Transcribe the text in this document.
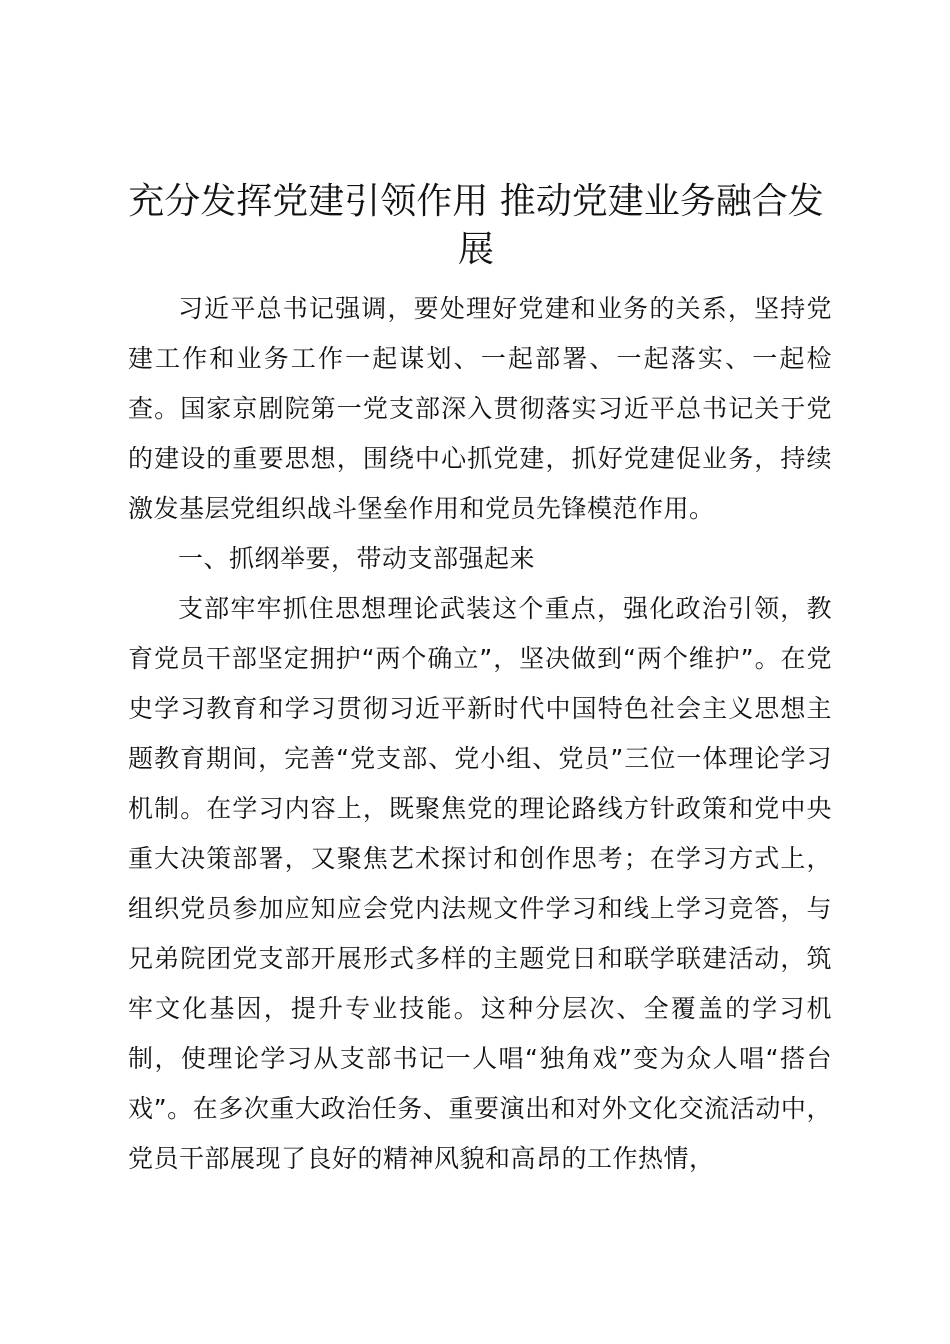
充分发挥党建引领作用 推动党建业务融合发展

习近平总书记强调，要处理好党建和业务的关系，坚持党建工作和业务工作一起谋划、一起部署、一起落实、一起检查。国家京剧院第一党支部深入贯彻落实习近平总书记关于党的建设的重要思想，围绕中心抓党建，抓好党建促业务，持续激发基层党组织战斗堡垒作用和党员先锋模范作用。

一、抓纲举要，带动支部强起来

支部牢牢抓住思想理论武装这个重点，强化政治引领，教育党员干部坚定拥护“两个确立”，坚决做到“两个维护”。在党史学习教育和学习贯彻习近平新时代中国特色社会主义思想主题教育期间，完善“党支部、党小组、党员”三位一体理论学习机制。在学习内容上，既聚焦党的理论路线方针政策和党中央重大决策部署，又聚焦艺术探讨和创作思考；在学习方式上，组织党员参加应知应会党内法规文件学习和线上学习竞答，与兄弟院团党支部开展形式多样的主题党日和联学联建活动，筑牢文化基因，提升专业技能。这种分层次、全覆盖的学习机制，使理论学习从支部书记一人唱“独角戏”变为众人唱“搭台戏”。在多次重大政治任务、重要演出和对外文化交流活动中，党员干部展现了良好的精神风貌和高昂的工作热情，
